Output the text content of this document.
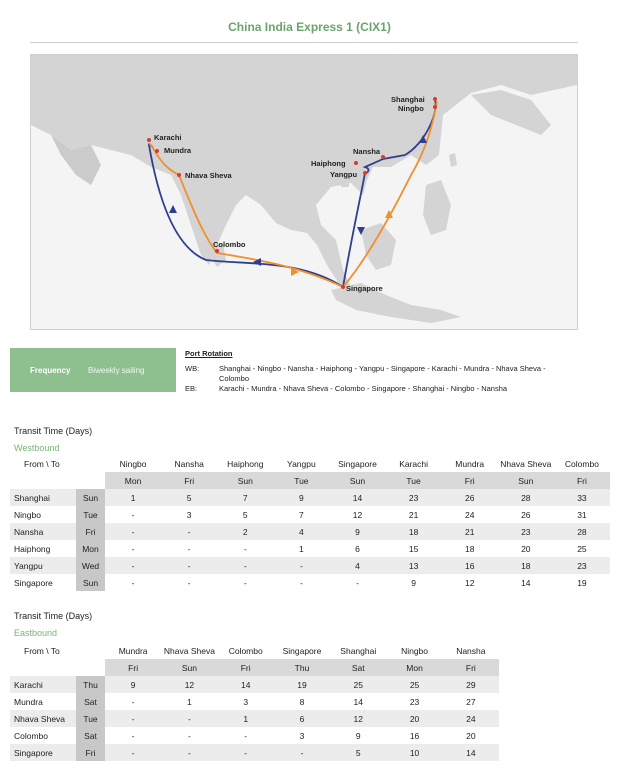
China India Express 1 (CIX1)
Shanghai
Ningbo
Nansha
Haiphong
Yangpu
Karachi
Mundra
Nhava Sheva
Colombo
Singapore
Frequency Biweekly sailing
Port Rotation
WB:	Shanghai - Ningbo - Nansha - Haiphong - Yangpu - Singapore - Karachi - Mundra - Nhava Sheva - Colombo
EB:	Karachi - Mundra - Nhava Sheva - Colombo - Singapore - Shanghai - Ningbo - Nansha
Transit Time (Days)
Westbound
From \ To		Ningbo	Nansha	Haiphong	Yangpu	Singapore	Karachi	Mundra	Nhava Sheva	Colombo
		Mon	Fri	Sun	Tue	Sun	Tue	Fri	Sun	Fri
Shanghai	Sun	1	5	7	9	14	23	26	28	33
Ningbo	Tue	-	3	5	7	12	21	24	26	31
Nansha	Fri	-	-	2	4	9	18	21	23	28
Haiphong	Mon	-	-	-	1	6	15	18	20	25
Yangpu	Wed	-	-	-	-	4	13	16	18	23
Singapore	Sun	-	-	-	-	-	9	12	14	19
Transit Time (Days)
Eastbound
From \ To		Mundra	Nhava Sheva	Colombo	Singapore	Shanghai	Ningbo	Nansha
		Fri	Sun	Fri	Thu	Sat	Mon	Fri
Karachi	Thu	9	12	14	19	25	25	29
Mundra	Sat	-	1	3	8	14	23	27
Nhava Sheva	Tue	-	-	1	6	12	20	24
Colombo	Sat	-	-	-	3	9	16	20
Singapore	Fri	-	-	-	-	5	10	14
